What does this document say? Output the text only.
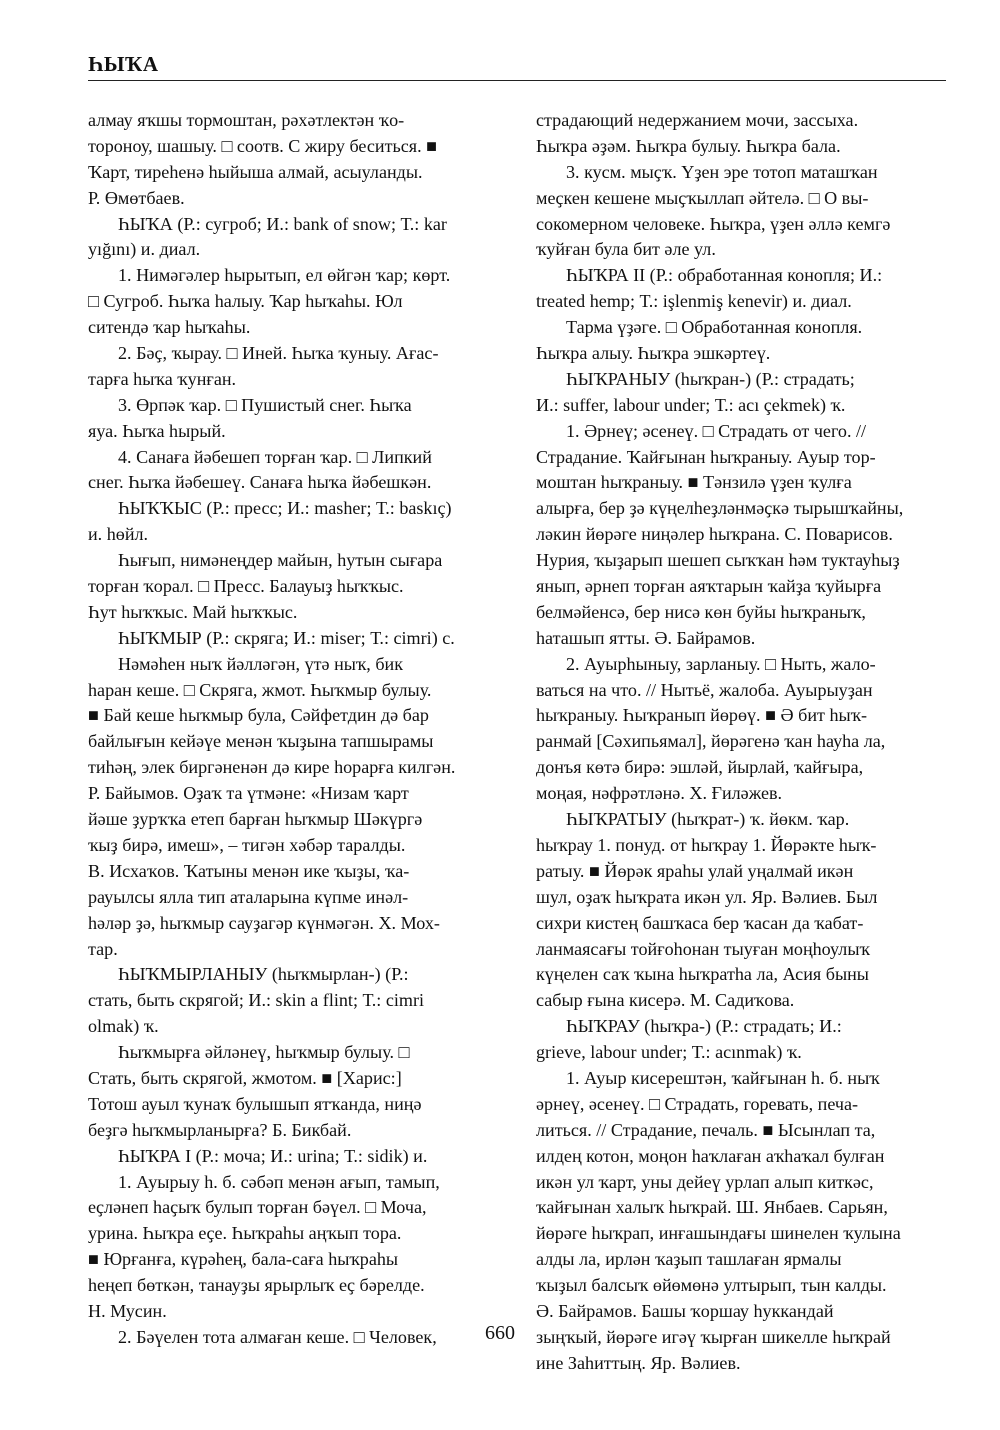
ҺЫҠА
алмау яҡшы тормоштан, рәхәтлектән ҡо-
тороноу, шашыу. □ соотв. С жиру беситься. ■
Ҡарт, тиреһенә һыйыша алмай, асыуланды.
Р. Өмөтбаев.
ҺЫҠА (Р.: сугроб; И.: bank of snow; Т.: kar
yığını) и. диал.
1. Нимәгәлер һырытып, ел өйгән ҡар; көрт.
□ Сугроб. Һыҡа һалыу. Ҡар һыҡаһы. Юл
ситендә ҡар һыҡаһы.
2. Бәҫ, ҡырау. □ Иней. Һыҡа ҡуныу. Ағас-
тарға һыҡа ҡунған.
3. Өрпәк ҡар. □ Пушистый снег. Һыҡа
яуа. Һыҡа һырый.
4. Санаға йәбешеп торған ҡар. □ Липкий
снег. Һыҡа йәбешеү. Санаға һыҡа йәбешкән.
ҺЫҠҠЫС (Р.: пресс; И.: masher; Т.: baskıç)
и. һөйл.
Һығып, нимәнеңдер майын, һутын сығара
торған ҡорал. □ Пресс. Балауыҙ һыҡҡыс.
Һут һыҡҡыс. Май һыҡҡыс.
ҺЫҠМЫР (Р.: скряга; И.: miser; Т.: cimri) с.
Нәмәһен ныҡ йәлләгән, үтә ныҡ, бик
һаран кеше. □ Скряга, жмот. Һыҡмыр булыу.
■ Бай кеше һыҡмыр була, Сәйфетдин дә бар
байлығын кейәүе менән ҡыҙына тапшырамы
тиһәң, элек биргәненән дә кире һорарға килгән.
Р. Байымов. Оҙаҡ та үтмәне: «Низам ҡарт
йәше ҙурҡҡа етеп барған һыҡмыр Шәкүргә
ҡыҙ бирә, имеш», – тигән хәбәр таралды.
В. Исхаҡов. Ҡатыны менән ике ҡыҙы, ҡа-
рауылсы ялла тип аталарына күпме инәл-
һәләр ҙә, һыҡмыр сауҙагәр күнмәгән. Х. Мох-
тар.
ҺЫҠМЫРЛАНЫУ (һыҡмырлан-) (Р.:
стать, быть скрягой; И.: skin a flint; Т.: cimri
olmak) ҡ.
Һыҡмырға әйләнеү, һыҡмыр булыу. □
Стать, быть скрягой, жмотом. ■ [Харис:]
Тотош ауыл ҡунаҡ булышып ятҡанда, ниңә
беҙгә һыҡмырланырға? Б. Бикбай.
ҺЫҠРА I (Р.: моча; И.: urina; Т.: sidik) и.
1. Ауырыу һ. б. сәбәп менән ағып, тамып,
еҫләнеп һаҫыҡ булып торған бәүел. □ Моча,
урина. Һыҡра еҫе. Һыҡраһы аңҡып тора.
■ Юрғанға, күрәһең, бала-саға һыҡраһы
һеңеп бөткән, танауҙы ярырлыҡ еҫ бәрелде.
Н. Мусин.
2. Бәүелен тота алмаған кеше. □ Человек,
страдающий недержанием мочи, зассыха.
Һыҡра әҙәм. Һыҡра булыу. Һыҡра бала.
3. кусм. мыҫҡ. Үҙен эре тотоп маташҡан
меҫкен кешене мыҫҡыллап әйтелә. □ О вы-
сокомерном человеке. Һыҡра, үҙен әллә кемгә
ҡуйған була бит әле ул.
ҺЫҠРА II (Р.: обработанная конопля; И.:
treated hemp; Т.: işlenmiş kenevir) и. диал.
Тарма үҙәге. □ Обработанная конопля.
Һыҡра алыу. Һыҡра эшкәртеү.
ҺЫҠРАНЫУ (һыҡран-) (Р.: страдать;
И.: suffer, labour under; Т.: acı çekmek) ҡ.
1. Әрнеү; әсенеү. □ Страдать от чего. //
Страдание. Ҡайғынан һыҡраныу. Ауыр тор-
моштан һыҡраныу. ■ Тәнзилә үҙен ҡулға
алырға, бер ҙә күңелһеҙләнмәҫкә тырышҡайны,
ләкин йөрәге ниңәлер һыҡрана. С. Поварисов.
Нурия, ҡыҙарып шешеп сыҡҡан һәм туктауһыҙ
янып, әрнеп торған аяҡтарын ҡайҙа ҡуйырға
белмәйенсә, бер нисә көн буйы һыҡраныҡ,
һаташып ятты. Ә. Байрамов.
2. Ауырһыныу, зарланыу. □ Ныть, жало-
ваться на что. // Нытьё, жалоба. Ауырыуҙан
һыҡраныу. Һыҡранып йөрөү. ■ Ә бит һыҡ-
ранмай [Сәхипьямал], йөрәгенә ҡан һауһа ла,
донъя көтә бирә: эшләй, йырлай, ҡайғыра,
моңая, нәфрәтләнә. Х. Ғиләжев.
ҺЫҠРАТЫУ (һыҡрат-) ҡ. йөкм. ҡар.
һыҡрау 1. понуд. от һыҡрау 1. Йөрәкте һыҡ-
ратыу. ■ Йөрәк яраһы улай уңалмай икән
шул, оҙаҡ һыҡрата икән ул. Яр. Вәлиев. Был
сихри кистең башҡаса бер ҡасан да ҡабат-
ланмаясағы тойғоһонан тыуған моңһоулыҡ
күңелен саҡ ҡына һыҡратһа ла, Асия быны
сабыр ғына кисерә. М. Садиҡова.
ҺЫҠРАУ (һыҡра-) (Р.: страдать; И.:
grieve, labour under; Т.: acınmak) ҡ.
1. Ауыр кисерештән, ҡайғынан һ. б. ныҡ
әрнеү, әсенеү. □ Страдать, горевать, печа-
литься. // Страдание, печаль. ■ Ысынлап та,
илдең котон, моңон һаҡлаған аҡһаҡал булған
икән ул ҡарт, уны дейеү урлап алып киткәс,
ҡайғынан халыҡ һыҡрай. Ш. Янбаев. Сарьян,
йөрәге һыҡрап, инғашындағы шинелен ҡулына
алды ла, ирлән ҡаҙып ташлаған ярмалы
ҡыҙыл балсыҡ өйөмөнә ултырып, тын калды.
Ә. Байрамов. Башы ҡоршау һуккандай
зыңҡый, йөрәге игәү ҡырған шикелле һыҡрай
ине Заһиттың. Яр. Вәлиев.
660
